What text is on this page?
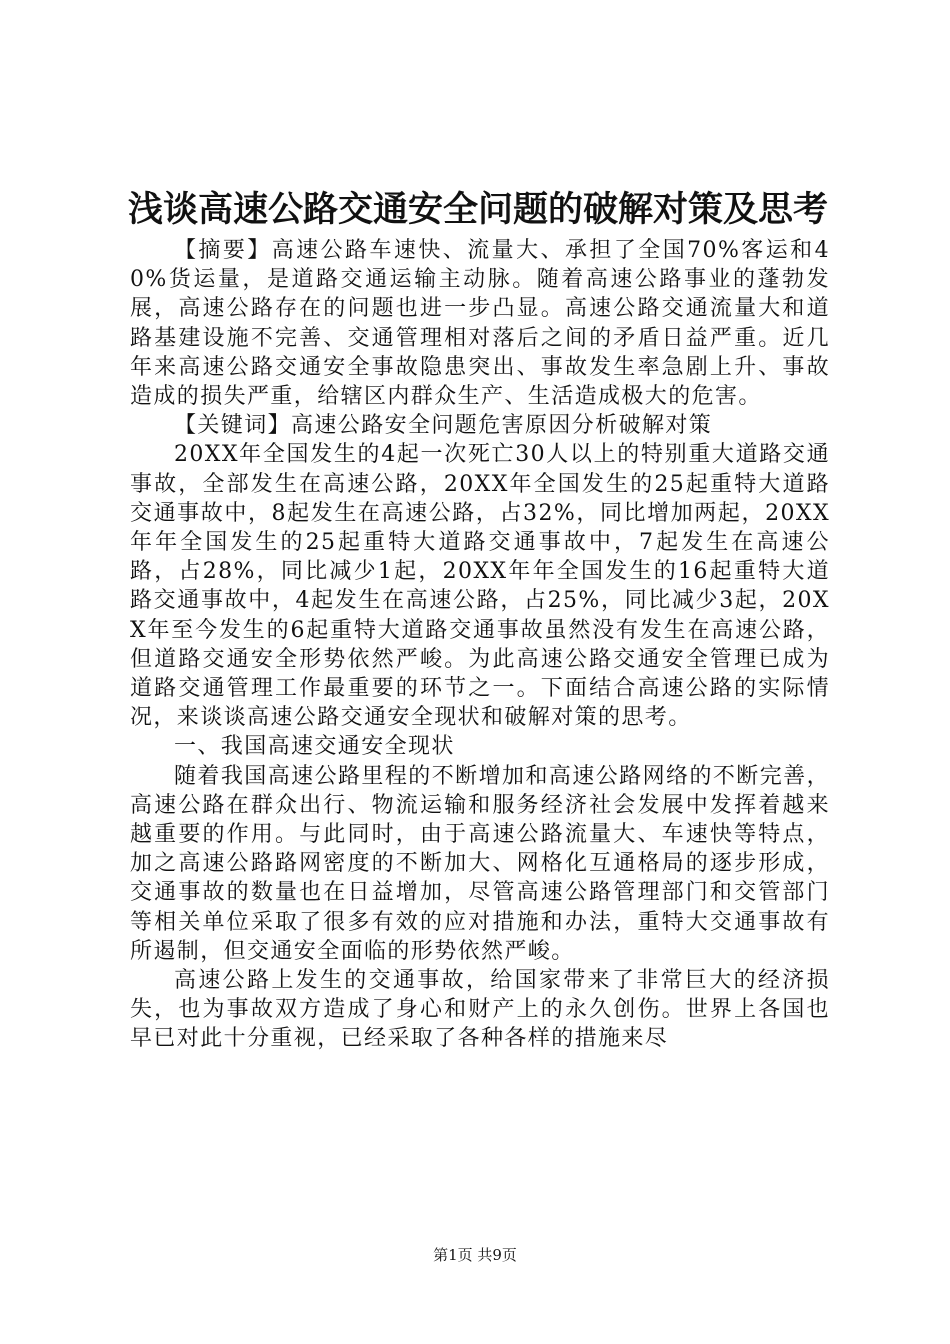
浅谈高速公路交通安全问题的破解对策及思考

【摘要】高速公路车速快、流量大、承担了全国70%客运和40%货运量，是道路交通运输主动脉。随着高速公路事业的蓬勃发展，高速公路存在的问题也进一步凸显。高速公路交通流量大和道路基建设施不完善、交通管理相对落后之间的矛盾日益严重。近几年来高速公路交通安全事故隐患突出、事故发生率急剧上升、事故造成的损失严重，给辖区内群众生产、生活造成极大的危害。

【关键词】高速公路安全问题危害原因分析破解对策

20XX年全国发生的4起一次死亡30人以上的特别重大道路交通事故，全部发生在高速公路，20XX年全国发生的25起重特大道路交通事故中，8起发生在高速公路，占32%，同比增加两起，20XX年年全国发生的25起重特大道路交通事故中，7起发生在高速公路，占28%，同比减少1起，20XX年年全国发生的16起重特大道路交通事故中，4起发生在高速公路，占25%，同比减少3起，20XX年至今发生的6起重特大道路交通事故虽然没有发生在高速公路，但道路交通安全形势依然严峻。为此高速公路交通安全管理已成为道路交通管理工作最重要的环节之一。下面结合高速公路的实际情况，来谈谈高速公路交通安全现状和破解对策的思考。

一、我国高速交通安全现状

随着我国高速公路里程的不断增加和高速公路网络的不断完善，高速公路在群众出行、物流运输和服务经济社会发展中发挥着越来越重要的作用。与此同时，由于高速公路流量大、车速快等特点，加之高速公路路网密度的不断加大、网格化互通格局的逐步形成，交通事故的数量也在日益增加，尽管高速公路管理部门和交管部门等相关单位采取了很多有效的应对措施和办法，重特大交通事故有所遏制，但交通安全面临的形势依然严峻。

高速公路上发生的交通事故，给国家带来了非常巨大的经济损失，也为事故双方造成了身心和财产上的永久创伤。世界上各国也早已对此十分重视，已经采取了各种各样的措施来尽

第1页 共9页
